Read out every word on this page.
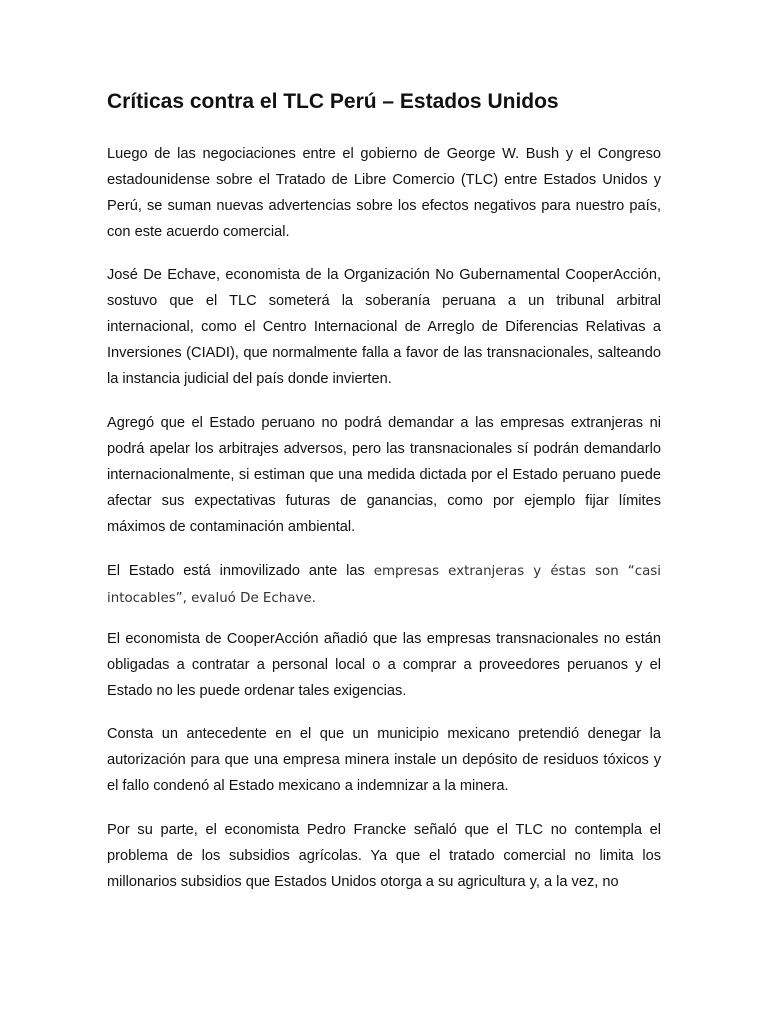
Críticas contra el TLC Perú – Estados Unidos

Luego de las negociaciones entre el gobierno de George W. Bush y el Congreso estadounidense sobre el Tratado de Libre Comercio (TLC) entre Estados Unidos y Perú, se suman nuevas advertencias sobre los efectos negativos para nuestro país, con este acuerdo comercial.

José De Echave, economista de la Organización No Gubernamental CooperAcción, sostuvo que el TLC someterá la soberanía peruana a un tribunal arbitral internacional, como el Centro Internacional de Arreglo de Diferencias Relativas a Inversiones (CIADI), que normalmente falla a favor de las transnacionales, salteando la instancia judicial del país donde invierten.

Agregó que el Estado peruano no podrá demandar a las empresas extranjeras ni podrá apelar los arbitrajes adversos, pero las transnacionales sí podrán demandarlo internacionalmente, si estiman que una medida dictada por el Estado peruano puede afectar sus expectativas futuras de ganancias, como por ejemplo fijar límites máximos de contaminación ambiental.

El Estado está inmovilizado ante las empresas extranjeras y éstas son “casi intocables”, evaluó De Echave.

El economista de CooperAcción añadió que las empresas transnacionales no están obligadas a contratar a personal local o a comprar a proveedores peruanos y el Estado no les puede ordenar tales exigencias.

Consta un antecedente en el que un municipio mexicano pretendió denegar la autorización para que una empresa minera instale un depósito de residuos tóxicos y el fallo condenó al Estado mexicano a indemnizar a la minera.

Por su parte, el economista Pedro Francke señaló que el TLC no contempla el problema de los subsidios agrícolas. Ya que el tratado comercial no limita los millonarios subsidios que Estados Unidos otorga a su agricultura y, a la vez, no
